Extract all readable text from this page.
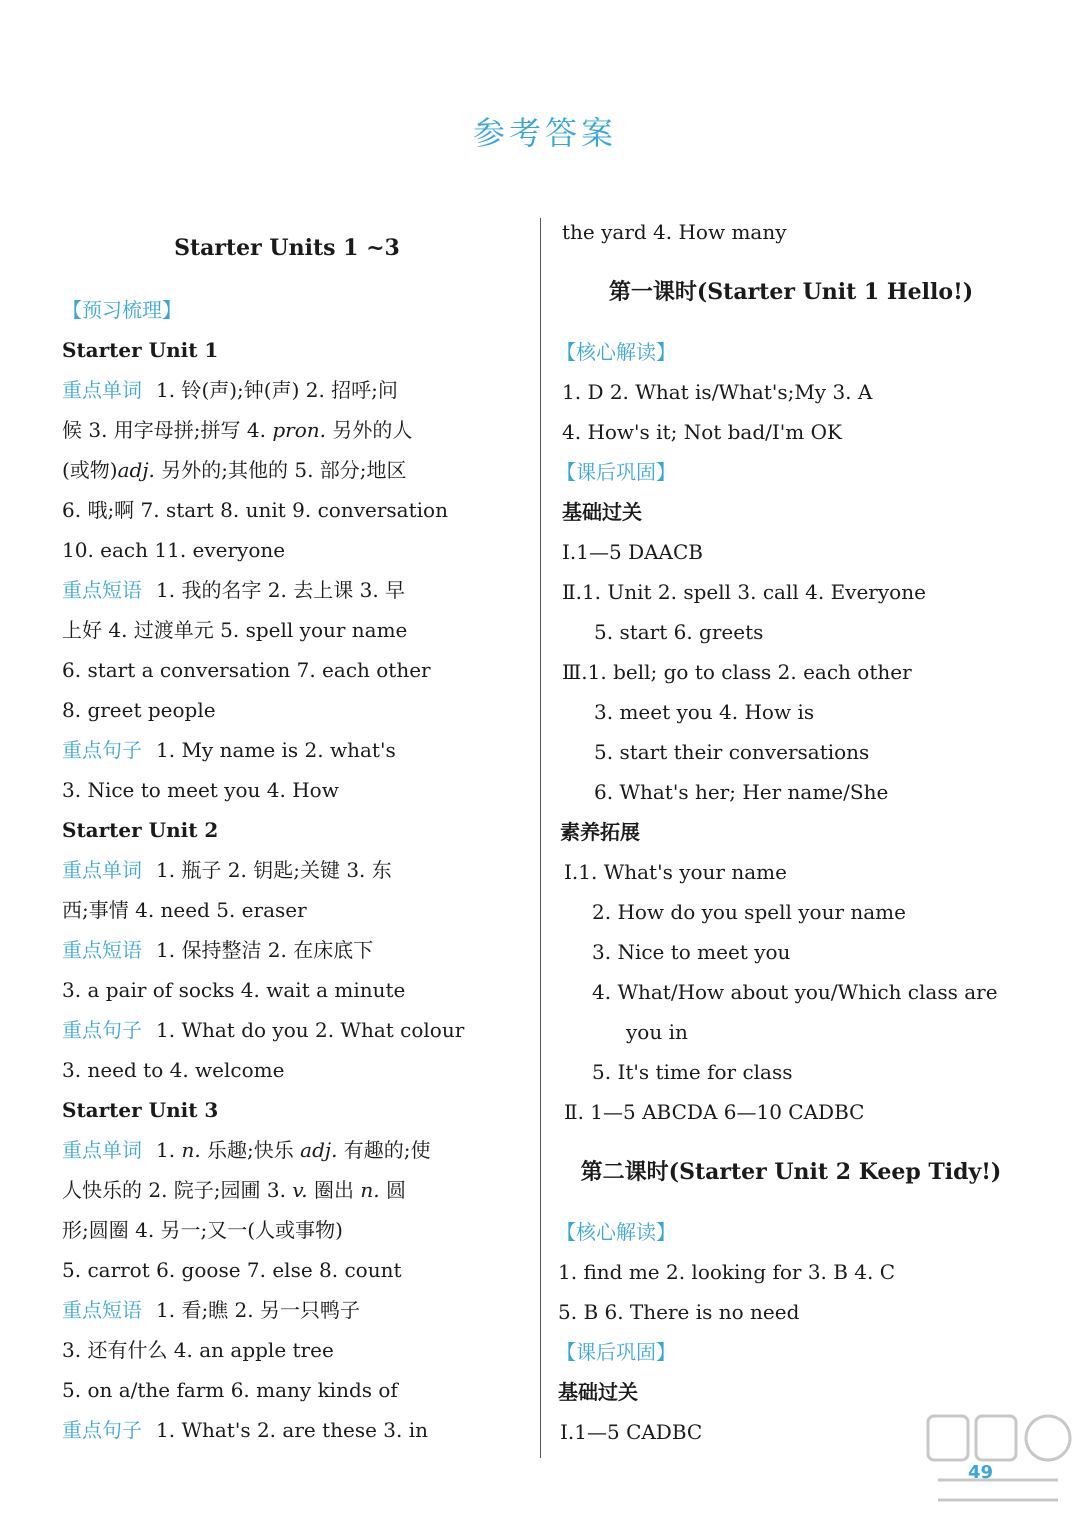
参考答案
Starter Units 1 ~3
【预习梳理】
Starter Unit 1
重点单词 1. 铃(声);钟(声) 2. 招呼;问
候 3. 用字母拼;拼写 4. pron. 另外的人
(或物)adj. 另外的;其他的 5. 部分;地区
6. 哦;啊 7. start 8. unit 9. conversation
10. each 11. everyone
重点短语 1. 我的名字 2. 去上课 3. 早
上好 4. 过渡单元 5. spell your name
6. start a conversation 7. each other
8. greet people
重点句子 1. My name is 2. what's
3. Nice to meet you 4. How
Starter Unit 2
重点单词 1. 瓶子 2. 钥匙;关键 3. 东
西;事情 4. need 5. eraser
重点短语 1. 保持整洁 2. 在床底下
3. a pair of socks 4. wait a minute
重点句子 1. What do you 2. What colour
3. need to 4. welcome
Starter Unit 3
重点单词 1. n. 乐趣;快乐 adj. 有趣的;使
人快乐的 2. 院子;园圃 3. v. 圈出 n. 圆
形;圆圈 4. 另一;又一(人或事物)
5. carrot 6. goose 7. else 8. count
重点短语 1. 看;瞧 2. 另一只鸭子
3. 还有什么 4. an apple tree
5. on a/the farm 6. many kinds of
重点句子 1. What's 2. are these 3. in
the yard 4. How many
第一课时(Starter Unit 1 Hello!)
【核心解读】
1. D 2. What is/What's;My 3. A
4. How's it; Not bad/I'm OK
【课后巩固】
基础过关
Ⅰ.1—5 DAACB
Ⅱ.1. Unit 2. spell 3. call 4. Everyone
5. start 6. greets
Ⅲ.1. bell; go to class 2. each other
3. meet you 4. How is
5. start their conversations
6. What's her; Her name/She
素养拓展
Ⅰ.1. What's your name
2. How do you spell your name
3. Nice to meet you
4. What/How about you/Which class are
you in
5. It's time for class
Ⅱ. 1—5 ABCDA 6—10 CADBC
第二课时(Starter Unit 2 Keep Tidy!)
【核心解读】
1. find me 2. looking for 3. B 4. C
5. B 6. There is no need
【课后巩固】
基础过关
Ⅰ.1—5 CADBC
49
